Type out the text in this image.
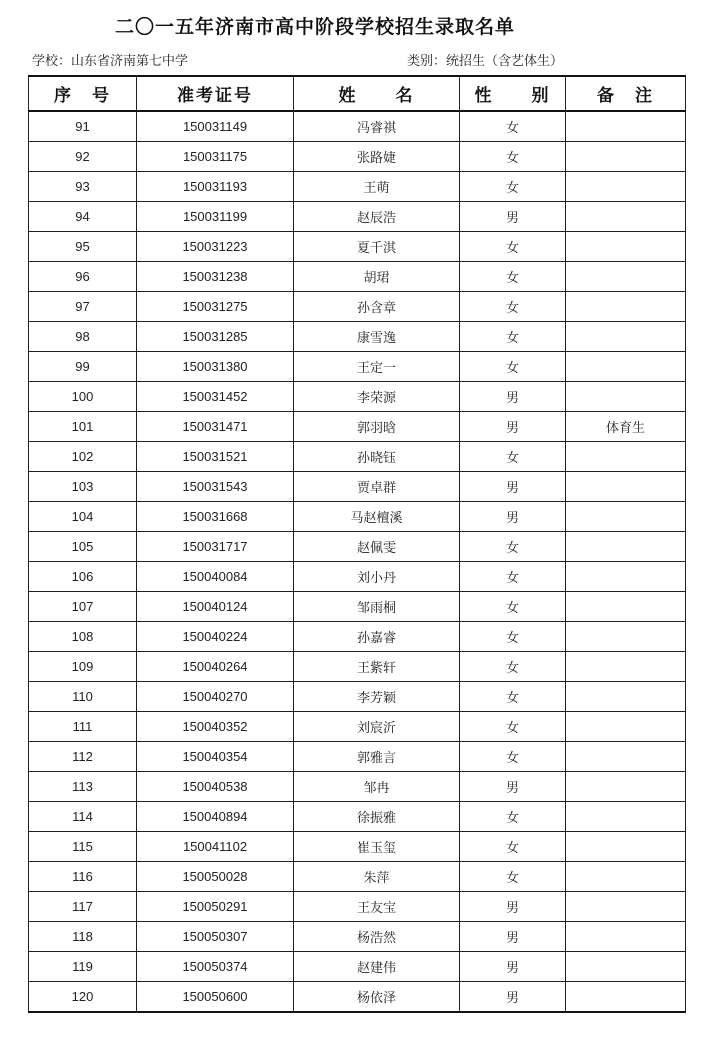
二〇一五年济南市高中阶段学校招生录取名单
学校：山东省济南第七中学	类别：统招生（含艺体生）
序　号	准考证号	姓　　名	性　　别	备　注
91	150031149	冯睿祺	女	
92	150031175	张路婕	女	
93	150031193	王萌	女	
94	150031199	赵辰浩	男	
95	150031223	夏千淇	女	
96	150031238	胡珺	女	
97	150031275	孙含章	女	
98	150031285	康雪逸	女	
99	150031380	王定一	女	
100	150031452	李荣源	男	
101	150031471	郭羽晗	男	体育生
102	150031521	孙晓钰	女	
103	150031543	贾卓群	男	
104	150031668	马赵檀溪	男	
105	150031717	赵佩雯	女	
106	150040084	刘小丹	女	
107	150040124	邹雨桐	女	
108	150040224	孙嘉睿	女	
109	150040264	王紫轩	女	
110	150040270	李芳颖	女	
111	150040352	刘宸沂	女	
112	150040354	郭雅言	女	
113	150040538	邹冉	男	
114	150040894	徐振雅	女	
115	150041102	崔玉玺	女	
116	150050028	朱萍	女	
117	150050291	王友宝	男	
118	150050307	杨浩然	男	
119	150050374	赵建伟	男	
120	150050600	杨依泽	男	
